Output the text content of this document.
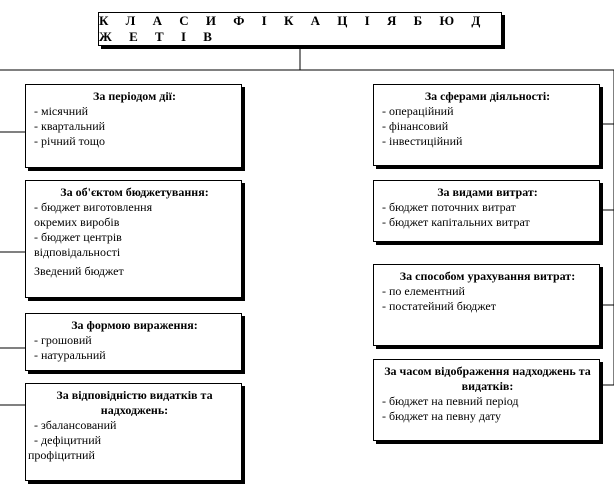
К Л А С И Ф І К А Ц І Я Б Ю Д Ж Е Т І В
За періодом дії:
- місячний
- квартальний
- річний тощо
За об'єктом бюджетування:
- бюджет виготовлення
окремих виробів
- бюджет центрів
відповідальності
Зведений бюджет
За формою вираження:
- грошовий
- натуральний
За відповідністю видатків та надходжень:
- збалансований
- дефіцитний
профіцитний
За сферами діяльності:
- операційний
- фінансовий
- інвестиційний
За видами витрат:
- бюджет поточних витрат
- бюджет капітальних витрат
За способом урахування витрат:
- по елементний
- постатейний бюджет
За часом відображення надходжень та видатків:
- бюджет на певний період
- бюджет на певну дату
